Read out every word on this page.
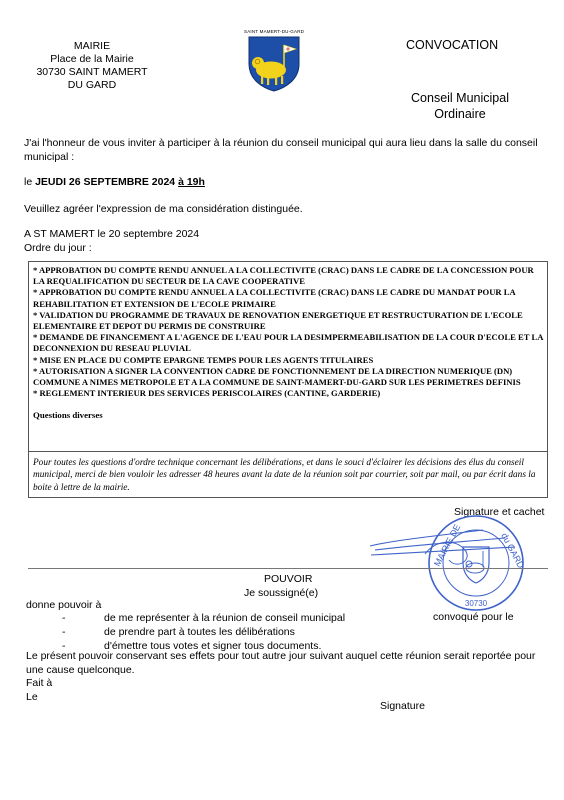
MAIRIE
Place de la Mairie
30730 SAINT MAMERT
DU GARD
SAINT MAMERT-DU-GARD
CONVOCATION
Conseil Municipal
Ordinaire
J'ai l'honneur de vous inviter à participer à la réunion du conseil municipal qui aura lieu dans la salle du conseil municipal :
le JEUDI 26 SEPTEMBRE 2024 à 19h
Veuillez agréer l'expression de ma considération distinguée.
A ST MAMERT le 20 septembre 2024
Ordre du jour :
* APPROBATION DU COMPTE RENDU ANNUEL A LA COLLECTIVITE (CRAC) DANS LE CADRE DE LA CONCESSION POUR LA REQUALIFICATION DU SECTEUR DE LA CAVE COOPERATIVE
* APPROBATION DU COMPTE RENDU ANNUEL A LA COLLECTIVITE (CRAC) DANS LE CADRE DU MANDAT POUR LA REHABILITATION ET EXTENSION DE L'ECOLE PRIMAIRE
* VALIDATION DU PROGRAMME DE TRAVAUX DE RENOVATION ENERGETIQUE ET RESTRUCTURATION DE L'ECOLE ELEMENTAIRE ET DEPOT DU PERMIS DE CONSTRUIRE
* DEMANDE DE FINANCEMENT A L'AGENCE DE L'EAU POUR LA DESIMPERMEABILISATION DE LA COUR D'ECOLE ET LA DECONNEXION DU RESEAU PLUVIAL
* MISE EN PLACE DU COMPTE EPARGNE TEMPS POUR LES AGENTS TITULAIRES
* AUTORISATION A SIGNER LA CONVENTION CADRE DE FONCTIONNEMENT DE LA DIRECTION NUMERIQUE (DN) COMMUNE A NIMES METROPOLE ET A LA COMMUNE DE SAINT-MAMERT-DU-GARD SUR LES PERIMETRES DEFINIS
* REGLEMENT INTERIEUR DES SERVICES PERISCOLAIRES (CANTINE, GARDERIE)
Questions diverses
Pour toutes les questions d'ordre technique concernant les délibérations, et dans le souci d'éclairer les décisions des élus du conseil municipal, merci de bien vouloir les adresser 48 heures avant la date de la réunion soit par courrier, soit par mail, ou par écrit dans la boite à lettre de la mairie.
Signature et cachet
MAIRIE DE	du GARD
30730
POUVOIR
Je soussigné(e)
donne pouvoir à
convoqué pour le
-	de me représenter à la réunion de conseil municipal
-	de prendre part à toutes les délibérations
-	d'émettre tous votes et signer tous documents.
Le présent pouvoir conservant ses effets pour tout autre jour suivant auquel cette réunion serait reportée pour une cause quelconque.
Fait à
Le
Signature
